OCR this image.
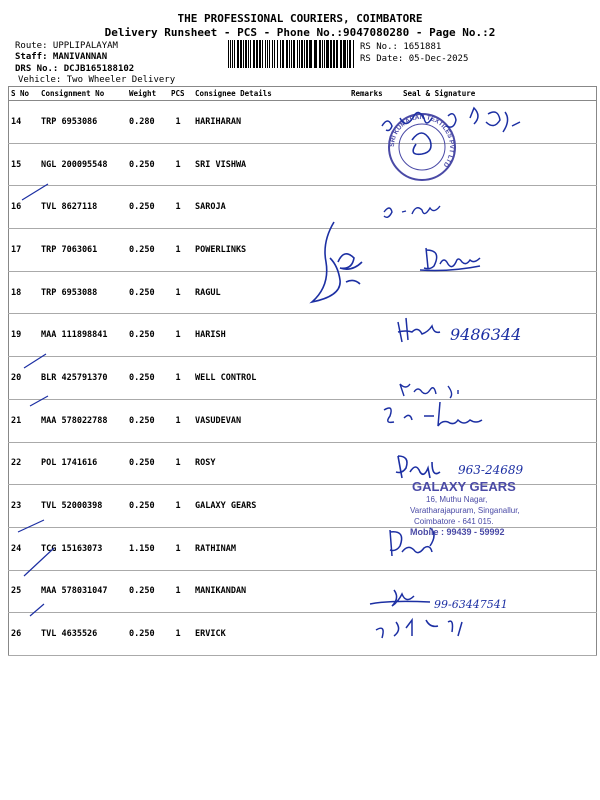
THE PROFESSIONAL COURIERS, COIMBATORE
Delivery Runsheet - PCS - Phone No.:9047080280 - Page No.:2
Route: UPPLIPALAYAM
Staff: MANIVANNAN
DRS No.: DCJB165188102
Vehicle: Two Wheeler Delivery
RS No.: 1651881
RS Date: 05-Dec-2025
S No	Consignment No	Weight	PCS	Consignee Details	Remarks	Seal & Signature
14	TRP 6953086	0.280	1	HARIHARAN		
15	NGL 200095548	0.250	1	SRI VISHWA		
16	TVL 8627118	0.250	1	SAROJA		
17	TRP 7063061	0.250	1	POWERLINKS		
18	TRP 6953088	0.250	1	RAGUL		
19	MAA 111898841	0.250	1	HARISH		
20	BLR 425791370	0.250	1	WELL CONTROL		
21	MAA 578022788	0.250	1	VASUDEVAN		
22	POL 1741616	0.250	1	ROSY		
23	TVL 52000398	0.250	1	GALAXY GEARS		
24	TCG 15163073	1.150	1	RATHINAM		
25	MAA 578031047	0.250	1	MANIKANDAN		
26	TVL 4635526	0.250	1	ERVICK		
SRI KUMARAN TEXTILES PVT LTD
9486344
963-24689
99-63447541
GALAXY GEARS
16, Muthu Nagar,
Varatharajapuram, Singanallur,
Coimbatore - 641 015.
Mobile : 99439 - 59992
